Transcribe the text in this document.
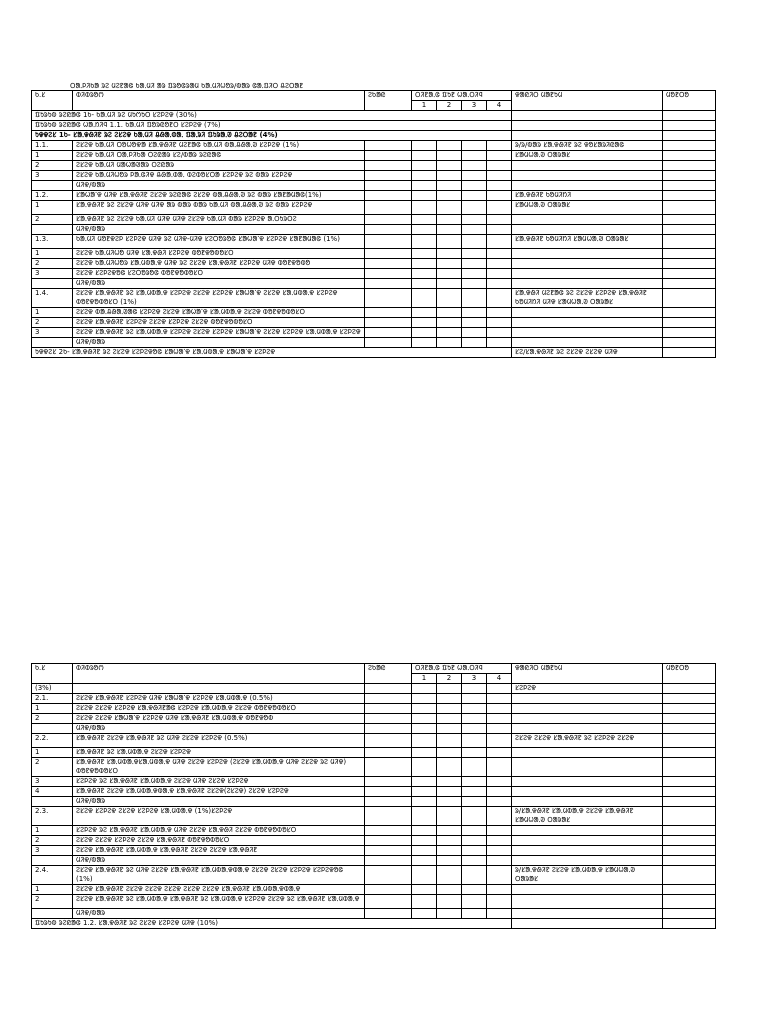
ᱛᱟᱹᱞᱤᱠᱟ ᱨᱮ ᱢᱮᱱᱟᱜ ᱠᱟᱹᱢᱤ ᱟᱨ ᱯᱨᱚᱜᱨᱟᱢ ᱠᱟᱹᱢᱤᱦᱚᱨ/ᱵᱟᱨ ᱜᱟᱹᱯᱤᱛ ᱪᱮᱛᱟᱱ
ᱠ.ᱥ	ᱵᱤᱵᱨᱚᱬ	ᱮᱠᱟᱭ	ᱛᱤᱱᱟᱹᱜ ᱯᱩᱱ ᱦᱟᱹᱛᱤᱧ				ᱫᱟᱭᱤᱛ ᱢᱟᱱᱩᱢ	ᱢᱚᱱᱛᱚ
			1	2	3	4		
ᱯᱩᱨᱩᱵ ᱨᱮᱭᱟᱜ 1ᱠ- ᱠᱟᱹᱢᱤ ᱨᱮ ᱢᱩᱬᱩᱛ ᱥᱮᱞᱮᱫ (30%)								
ᱯᱩᱨᱩᱵ ᱨᱮᱭᱟᱜ ᱦᱟᱹᱴᱤᱧ 1.1. ᱠᱟᱹᱢᱤ ᱯᱚᱨᱭᱚᱱᱛ ᱥᱮᱞᱮᱫ (7%)								
ᱩᱫᱫᱮᱥ 1ᱠ- ᱥᱟᱹᱫᱷᱤᱱ ᱨᱮ ᱮᱥᱮᱫ ᱠᱟᱹᱢᱤ ᱪᱷᱟᱹᱰᱟᱹ ᱯᱟᱹᱨᱤ ᱯᱩᱨᱟᱹᱣ ᱪᱮᱛᱟᱱ (4%)								
1.1.	ᱮᱥᱮᱫ ᱠᱟᱹᱢᱤ ᱛᱚᱦᱚᱫᱟ ᱥᱟᱹᱫᱷᱤᱱ ᱢᱮᱱᱟᱜ ᱠᱟᱹᱢᱤ ᱵᱟᱹᱪᱷᱟᱹᱣ ᱥᱮᱞᱮᱫ (1%)						ᱨ/ᱨ/ᱵᱟᱨ ᱥᱟᱹᱫᱷᱤᱱ ᱨᱮ ᱫᱚᱥᱟᱨᱤᱭᱟᱜ	
1	ᱮᱥᱮᱫ ᱠᱟᱹᱢᱤ ᱛᱟᱹᱞᱤᱠᱟ ᱛᱮᱭᱟᱨ ᱥᱮ/ᱵᱟᱨ ᱨᱮᱭᱟᱜ						ᱥᱟᱢᱦᱟᱹᱣ ᱛᱟᱨᱟᱥ	
2	ᱮᱥᱮᱫ ᱠᱟᱹᱢᱤ ᱢᱟᱦᱟᱣᱟᱨ ᱛᱮᱭᱟᱨ							
3	ᱮᱥᱮᱫ ᱠᱟᱹᱢᱤᱦᱚᱨ ᱞᱟᱹᱜᱤᱫ ᱪᱷᱟᱹᱰᱟᱹ ᱵᱮᱵᱚᱥᱛᱟ ᱥᱮᱞᱮᱫ ᱨᱮ ᱵᱟᱨ ᱥᱮᱞᱮᱫ							
	ᱢᱤᱫ/ᱵᱟᱨ							
1.2.	ᱥᱟᱦᱟᱸᱫ ᱢᱤᱫ ᱥᱟᱹᱫᱷᱤᱱ ᱮᱥᱮᱫ ᱨᱮᱭᱟᱜ ᱮᱥᱮᱫ ᱵᱟᱹᱪᱷᱟᱹᱣ ᱨᱮ ᱵᱟᱨ ᱥᱟᱱᱟᱢᱟᱜ(1%)						ᱥᱟᱹᱫᱷᱤᱱ ᱠᱚᱢᱤᱴᱤ	
1	ᱥᱟᱹᱫᱷᱤᱱ ᱨᱮ ᱮᱥᱮᱫ ᱢᱤᱫ ᱢᱤᱫ ᱟᱨ ᱵᱟᱨ ᱵᱟᱨ ᱠᱟᱹᱢᱤ ᱵᱟᱹᱪᱷᱟᱹᱣ ᱨᱮ ᱵᱟᱨ ᱥᱮᱞᱮᱫ						ᱥᱟᱢᱦᱟᱹᱣ ᱛᱟᱨᱟᱥ	
2	ᱥᱟᱹᱫᱷᱤᱱ ᱨᱮ ᱮᱥᱮᱫ ᱠᱟᱹᱢᱤ ᱢᱤᱫ ᱢᱤᱫ ᱮᱥᱮᱫ ᱠᱟᱹᱢᱤ ᱵᱟᱨ ᱥᱮᱞᱮᱫ ᱟᱹᱛᱩᱨᱛᱮ							
	ᱢᱤᱫ/ᱵᱟᱨ							
1.3.	ᱠᱟᱹᱢᱤ ᱢᱚᱱᱫᱮᱞ ᱥᱮᱞᱮᱫ ᱢᱤᱫ ᱨᱮ ᱢᱤᱫ-ᱢᱤᱫ ᱥᱮᱛᱚᱨᱚᱜ ᱥᱟᱦᱟᱸᱫ ᱥᱮᱞᱮᱫ ᱥᱟᱱᱟᱢᱟᱜ (1%)						ᱥᱟᱹᱫᱷᱤᱱ ᱠᱚᱢᱤᱴᱤ ᱥᱟᱢᱦᱟᱹᱣ ᱛᱟᱨᱟᱥ	
1	ᱮᱥᱮᱫ ᱠᱟᱹᱢᱤᱦᱚ ᱢᱤᱫ ᱥᱟᱹᱫᱷᱤ ᱥᱮᱞᱮᱫ ᱵᱚᱱᱫᱚᱵᱚᱥᱛ							
2	ᱮᱥᱮᱫ ᱠᱟᱹᱢᱤᱦᱚᱨ ᱥᱟᱹᱢᱵᱟᱹᱫ ᱢᱤᱫ ᱨᱮ ᱮᱥᱮᱫ ᱥᱟᱹᱫᱷᱤᱱ ᱥᱮᱞᱮᱫ ᱢᱤᱫ ᱵᱚᱱᱫᱚᱵᱚ							
3	ᱮᱥᱮᱫ ᱥᱮᱞᱮᱫᱚᱜ ᱥᱮᱛᱚᱨᱚᱜ ᱵᱚᱱᱫᱚᱵᱚᱥᱛ							
	ᱢᱤᱫ/ᱵᱟᱨ							
1.4.	ᱮᱥᱮᱫ ᱥᱟᱹᱫᱷᱤᱱ ᱨᱮ ᱥᱟᱹᱢᱵᱟᱹᱫ ᱥᱮᱞᱮᱫ ᱮᱥᱮᱫ ᱥᱮᱞᱮᱫ ᱥᱟᱦᱟᱸᱫ ᱮᱥᱮᱫ ᱥᱟᱹᱢᱵᱟᱹᱫ ᱥᱮᱞᱮᱫ ᱵᱚᱱᱫᱚᱵᱚᱥᱛ (1%)						ᱥᱟᱹᱫᱷᱤ ᱢᱮᱱᱟᱜ ᱨᱮ ᱮᱥᱮᱫ ᱥᱮᱞᱮᱫ ᱥᱟᱹᱫᱷᱤᱱ ᱠᱚᱢᱤᱴᱤ ᱢᱤᱫ ᱥᱟᱢᱦᱟᱹᱣ ᱛᱟᱨᱟᱥ	
1	ᱮᱥᱮᱫ ᱵᱟᱹᱪᱷᱟᱹᱣᱟᱜ ᱥᱮᱞᱮᱫ ᱮᱥᱮᱫ ᱥᱟᱦᱟᱸᱫ ᱥᱟᱹᱢᱵᱟᱹᱫ ᱮᱥᱮᱫ ᱵᱚᱱᱫᱚᱵᱚᱥᱛ							
2	ᱮᱥᱮᱫ ᱥᱟᱹᱫᱷᱤᱱ ᱥᱮᱞᱮᱫ ᱮᱥᱮᱫ ᱥᱮᱞᱮᱫ ᱮᱥᱮᱫ ᱵᱚᱱᱫᱚᱵᱚᱥᱛ							
3	ᱮᱥᱮᱫ ᱥᱟᱹᱫᱷᱤᱱ ᱨᱮ ᱥᱟᱹᱢᱵᱟᱹᱫ ᱥᱮᱞᱮᱫ ᱮᱥᱮᱫ ᱥᱮᱞᱮᱫ ᱥᱟᱦᱟᱸᱫ ᱮᱥᱮᱫ ᱥᱮᱞᱮᱫ ᱥᱟᱹᱢᱵᱟᱹᱫ ᱥᱮᱞᱮᱫ							
	ᱢᱤᱫ/ᱵᱟᱨ							
ᱩᱫᱫᱮᱥ 2ᱠ- ᱥᱟᱹᱫᱷᱤᱱ ᱨᱮ ᱮᱥᱮᱫ ᱥᱮᱞᱮᱫᱚᱜ ᱥᱟᱦᱟᱸᱫ ᱥᱟᱹᱢᱵᱟᱹᱫ ᱥᱟᱦᱟᱸᱫ ᱥᱮᱞᱮᱫ							ᱥᱮ/ᱥᱟᱹᱫᱷᱤᱱ ᱨᱮ ᱮᱥᱮᱫ ᱮᱥᱮᱫ ᱢᱤᱫ	
ᱠ.ᱥ	ᱵᱤᱵᱨᱚᱬ	ᱮᱠᱟᱭ	ᱛᱤᱱᱟᱹᱜ ᱯᱩᱱ ᱦᱟᱹᱛᱤᱧ				ᱫᱟᱭᱤᱛ ᱢᱟᱱᱩᱢ	ᱢᱚᱱᱛᱚ
			1	2	3	4		
(3%)							ᱥᱮᱞᱮᱫ	
2.1.	ᱮᱥᱮᱫ ᱥᱟᱹᱫᱷᱤᱱ ᱥᱮᱞᱮᱫ ᱢᱤᱫ ᱥᱟᱦᱟᱸᱫ ᱥᱮᱞᱮᱫ ᱥᱟᱹᱢᱵᱟᱹᱫ (0.5%)							
1	ᱮᱥᱮᱫ ᱮᱥᱮᱫ ᱥᱮᱞᱮᱫ ᱥᱟᱹᱫᱷᱤᱱᱟᱜ ᱥᱮᱞᱮᱫ ᱥᱟᱹᱢᱵᱟᱹᱫ ᱮᱥᱮᱫ ᱵᱚᱱᱫᱚᱵᱚᱥᱛ							
2	ᱮᱥᱮᱫ ᱮᱥᱮᱫ ᱥᱟᱦᱟᱸᱫ ᱥᱮᱞᱮᱫ ᱢᱤᱫ ᱥᱟᱹᱫᱷᱤᱱ ᱥᱟᱹᱢᱵᱟᱹᱫ ᱵᱚᱱᱫᱚᱵ							
	ᱢᱤᱫ/ᱵᱟᱨ							
2.2.	ᱥᱟᱹᱫᱷᱤᱱ ᱮᱥᱮᱫ ᱥᱟᱹᱫᱷᱤᱱ ᱨᱮ ᱢᱤᱫ ᱮᱥᱮᱫ ᱥᱮᱞᱮᱫ (0.5%)						ᱮᱥᱮᱫ ᱮᱥᱮᱫ ᱥᱟᱹᱫᱷᱤᱱ ᱨᱮ ᱥᱮᱞᱮᱫ ᱮᱥᱮᱫ	
1	ᱥᱟᱹᱫᱷᱤᱱ ᱨᱮ ᱥᱟᱹᱢᱵᱟᱹᱫ ᱮᱥᱮᱫ ᱥᱮᱞᱮᱫ							
2	ᱥᱟᱹᱫᱷᱤᱱ ᱥᱟᱹᱢᱵᱟᱹᱫᱥᱟᱹᱢᱵᱟᱹᱫ ᱢᱤᱫ ᱮᱥᱮᱫ ᱥᱮᱞᱮᱫ (ᱮᱥᱮᱫ ᱥᱟᱹᱢᱵᱟᱹᱫ ᱢᱤᱫ ᱮᱥᱮᱫ ᱨᱮ ᱢᱤᱫ) ᱵᱚᱱᱫᱚᱵᱚᱥᱛ							
3	ᱥᱮᱞᱮᱫ ᱨᱮ ᱥᱟᱹᱫᱷᱤᱱ ᱥᱟᱹᱢᱵᱟᱹᱫ ᱮᱥᱮᱫ ᱢᱤᱫ ᱮᱥᱮᱫ ᱥᱮᱞᱮᱫ							
4	ᱥᱟᱹᱫᱷᱤᱱ ᱮᱥᱮᱫ ᱥᱟᱹᱢᱵᱟᱹᱫᱵᱟᱹᱫ ᱥᱟᱹᱫᱷᱤᱱ ᱮᱥᱮᱫ(ᱮᱥᱮᱫ) ᱮᱥᱮᱫ ᱥᱮᱞᱮᱫ							
	ᱢᱤᱫ/ᱵᱟᱨ							
2.3.	ᱮᱥᱮᱫ ᱥᱮᱞᱮᱫ ᱮᱥᱮᱫ ᱥᱮᱞᱮᱫ ᱥᱟᱹᱢᱵᱟᱹᱫ (1%)ᱥᱮᱞᱮᱫ						ᱨ/ᱥᱟᱹᱫᱷᱤᱱ ᱥᱟᱹᱢᱵᱟᱹᱫ ᱮᱥᱮᱫ ᱥᱟᱹᱫᱷᱤᱱ ᱥᱟᱢᱦᱟᱹᱣ ᱛᱟᱨᱟᱥ	
1	ᱥᱮᱞᱮᱫ ᱨᱮ ᱥᱟᱹᱫᱷᱤᱱ ᱥᱟᱹᱢᱵᱟᱹᱫ ᱢᱤᱫ ᱮᱥᱮᱫ ᱥᱟᱹᱫᱷᱤ ᱮᱥᱮᱫ ᱵᱚᱱᱫᱚᱵᱚᱥᱛ							
2	ᱮᱥᱮᱫ ᱮᱥᱮᱫ ᱥᱮᱞᱮᱫ ᱮᱥᱮᱫ ᱥᱟᱹᱫᱷᱤᱱ ᱵᱚᱱᱫᱚᱵᱚᱥᱛ							
3	ᱮᱥᱮᱫ ᱥᱟᱹᱫᱷᱤᱱ ᱥᱟᱹᱢᱵᱟᱹᱫ ᱥᱟᱹᱫᱷᱤᱱ ᱮᱥᱮᱫ ᱮᱥᱮᱫ ᱥᱟᱹᱫᱷᱤᱱ							
	ᱢᱤᱫ/ᱵᱟᱨ							
2.4.	ᱮᱥᱮᱫ ᱥᱟᱹᱫᱷᱤᱱ ᱨᱮ ᱢᱤᱫ ᱮᱥᱮᱫ ᱥᱟᱹᱫᱷᱤᱱ ᱥᱟᱹᱢᱵᱟᱹᱫᱵᱟᱹᱫ ᱮᱥᱮᱫ ᱮᱥᱮᱫ ᱥᱮᱞᱮᱫ ᱥᱮᱞᱮᱫᱚᱜ (1%)						ᱨ/ᱥᱟᱹᱫᱷᱤᱱ ᱮᱥᱮᱫ ᱥᱟᱹᱢᱵᱟᱹᱫ ᱥᱟᱢᱦᱟᱹᱣ ᱛᱟᱨᱟᱥ	
1	ᱮᱥᱮᱫ ᱥᱟᱹᱫᱷᱤᱱ ᱮᱥᱮᱫ ᱮᱥᱮᱫ ᱮᱥᱮᱫ ᱮᱥᱮᱫ ᱮᱥᱮᱫ ᱥᱟᱹᱫᱷᱤᱱ ᱥᱟᱹᱢᱵᱟᱹᱫᱵᱟᱹᱫ							
2	ᱮᱥᱮᱫ ᱥᱟᱹᱫᱷᱤᱱ ᱨᱮ ᱥᱟᱹᱢᱵᱟᱹᱫ ᱥᱟᱹᱫᱷᱤᱱ ᱨᱮ ᱥᱟᱹᱢᱵᱟᱹᱫ ᱥᱮᱞᱮᱫ ᱮᱥᱮᱫ ᱨᱮ ᱥᱟᱹᱫᱷᱤᱱ ᱥᱟᱹᱢᱵᱟᱹᱫ							
	ᱢᱤᱫ/ᱵᱟᱨ							
ᱯᱩᱨᱩᱵ ᱨᱮᱭᱟᱜ 1.2. ᱥᱟᱹᱫᱷᱤᱱ ᱨᱮ ᱮᱥᱮᱫ ᱥᱮᱞᱮᱫ ᱢᱤᱫ (10%)								
